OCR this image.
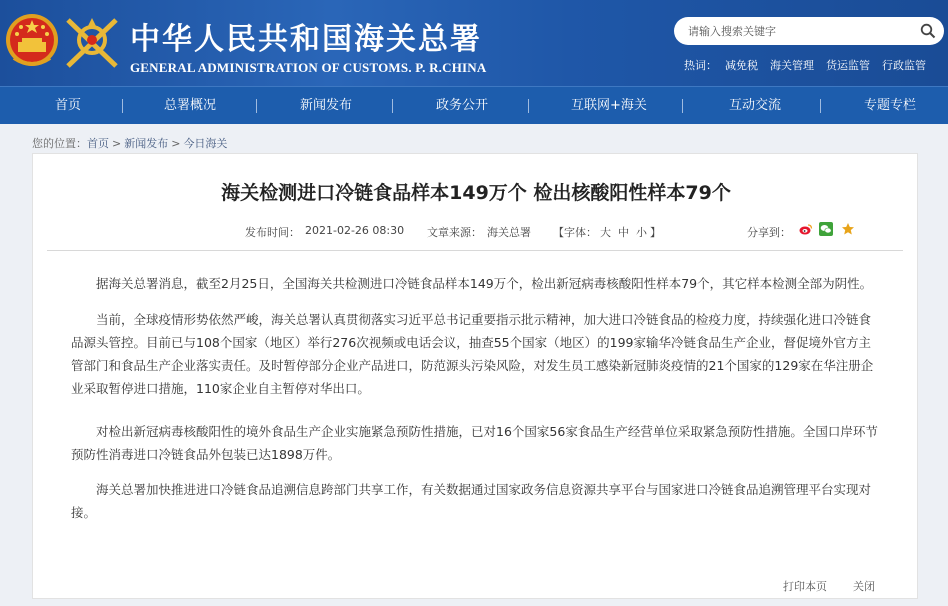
中华人民共和国海关总署
GENERAL ADMINISTRATION OF CUSTOMS. P. R.CHINA
请输入搜索关键字	热词： 减免税 海关管理 货运监管 行政监管
首页	总署概况	新闻发布	政务公开	互联网+海关	互动交流	专题专栏
您的位置：首页 > 新闻发布 > 今日海关
海关检测进口冷链食品样本149万个 检出核酸阳性样本79个
发布时间： 2021-02-26 08:30 文章来源： 海关总署 【字体： 大 中 小 】	分享到：

据海关总署消息，截至2月25日，全国海关共检测进口冷链食品样本149万个，检出新冠病毒核酸阳性样本79个，其它样本检测全部为阴性。

当前，全球疫情形势依然严峻，海关总署认真贯彻落实习近平总书记重要指示批示精神，加大进口冷链食品的检疫力度，持续强化进口冷链食品源头管控。目前已与108个国家（地区）举行276次视频或电话会议，抽查55个国家（地区）的199家输华冷链食品生产企业，督促境外官方主管部门和食品生产企业落实责任。及时暂停部分企业产品进口，防范源头污染风险，对发生员工感染新冠肺炎疫情的21个国家的129家在华注册企业采取暂停进口措施，110家企业自主暂停对华出口。

对检出新冠病毒核酸阳性的境外食品生产企业实施紧急预防性措施，已对16个国家56家食品生产经营单位采取紧急预防性措施。全国口岸环节预防性消毒进口冷链食品外包装已达1898万件。

海关总署加快推进进口冷链食品追溯信息跨部门共享工作，有关数据通过国家政务信息资源共享平台与国家进口冷链食品追溯管理平台实现对接。

打印本页 关闭
